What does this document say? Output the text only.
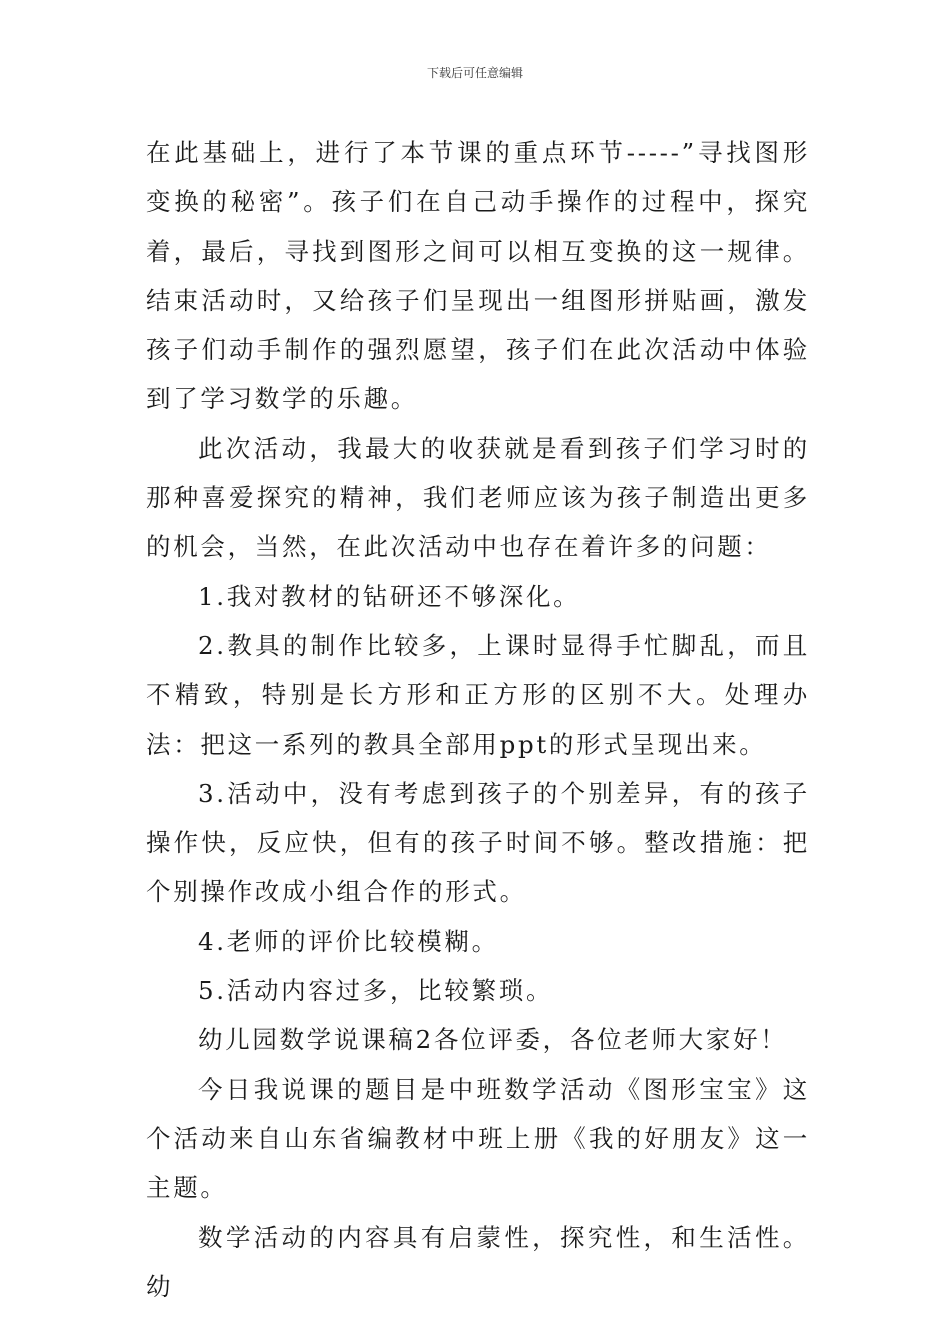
下载后可任意编辑

在此基础上，进行了本节课的重点环节-----”寻找图形变换的秘密”。孩子们在自己动手操作的过程中，探究着，最后，寻找到图形之间可以相互变换的这一规律。结束活动时，又给孩子们呈现出一组图形拼贴画，激发孩子们动手制作的强烈愿望，孩子们在此次活动中体验到了学习数学的乐趣。

此次活动，我最大的收获就是看到孩子们学习时的那种喜爱探究的精神，我们老师应该为孩子制造出更多的机会，当然，在此次活动中也存在着许多的问题：

1.我对教材的钻研还不够深化。

2.教具的制作比较多，上课时显得手忙脚乱，而且不精致，特别是长方形和正方形的区别不大。处理办法：把这一系列的教具全部用ppt的形式呈现出来。

3.活动中，没有考虑到孩子的个别差异，有的孩子操作快，反应快，但有的孩子时间不够。整改措施：把个别操作改成小组合作的形式。

4.老师的评价比较模糊。

5.活动内容过多，比较繁琐。

幼儿园数学说课稿2各位评委，各位老师大家好！

今日我说课的题目是中班数学活动《图形宝宝》这个活动来自山东省编教材中班上册《我的好朋友》这一主题。

数学活动的内容具有启蒙性，探究性，和生活性。幼
